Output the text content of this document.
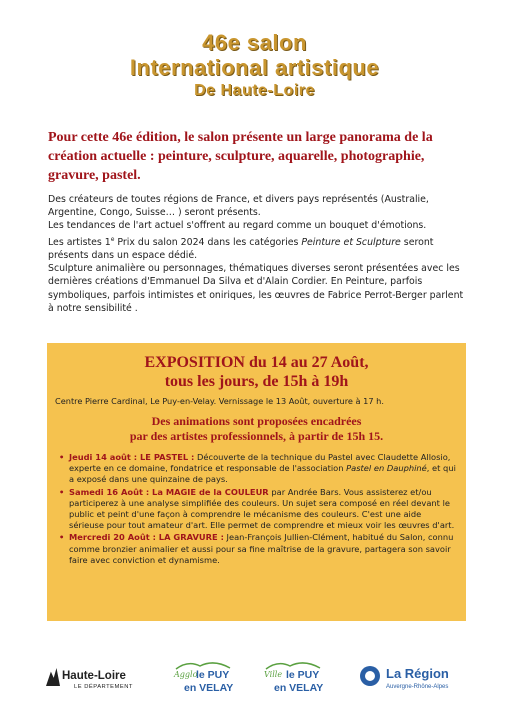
46e salon
International artistique
De Haute-Loire
Pour cette 46e édition, le salon présente un large panorama de la création actuelle : peinture, sculpture, aquarelle, photographie, gravure, pastel.

Des créateurs de toutes régions de France, et divers pays représentés (Australie, Argentine, Congo, Suisse… ) seront présents.

Les tendances de l'art actuel s'offrent au regard comme un bouquet d'émotions.

Les artistes 1e Prix du salon 2024 dans les catégories Peinture et Sculpture seront présents dans un espace dédié.

Sculpture animalière ou personnages, thématiques diverses seront présentées avec les dernières créations d'Emmanuel Da Silva et d'Alain Cordier. En Peinture, parfois symboliques, parfois intimistes et oniriques, les œuvres de Fabrice Perrot-Berger parlent à notre sensibilité .

EXPOSITION du 14 au 27 Août,
tous les jours, de 15h à 19h
Centre Pierre Cardinal, Le Puy-en-Velay. Vernissage le 13 Août, ouverture à 17 h.
Des animations sont proposées encadrées
par des artistes professionnels, à partir de 15h 15.
• Jeudi 14 août : LE PASTEL : Découverte de la technique du Pastel avec Claudette Allosio, experte en ce domaine, fondatrice et responsable de l'association Pastel en Dauphiné, et qui a exposé dans une quinzaine de pays.
• Samedi 16 Août : La MAGIE de la COULEUR par Andrée Bars. Vous assisterez et/ou participerez à une analyse simplifiée des couleurs. Un sujet sera composé en réel devant le public et peint d'une façon à comprendre le mécanisme des couleurs. C'est une aide sérieuse pour tout amateur d'art. Elle permet de comprendre et mieux voir les œuvres d'art.
• Mercredi 20 Août : LA GRAVURE : Jean-François Jullien-Clément, habitué du Salon, connu comme bronzier animalier et aussi pour sa fine maîtrise de la gravure, partagera son savoir faire avec conviction et dynamisme.
Haute-Loire
LE DÉPARTEMENT
Agglo
le PUY
en VELAY
Ville le PUY
en VELAY
La Région
Auvergne-Rhône-Alpes
